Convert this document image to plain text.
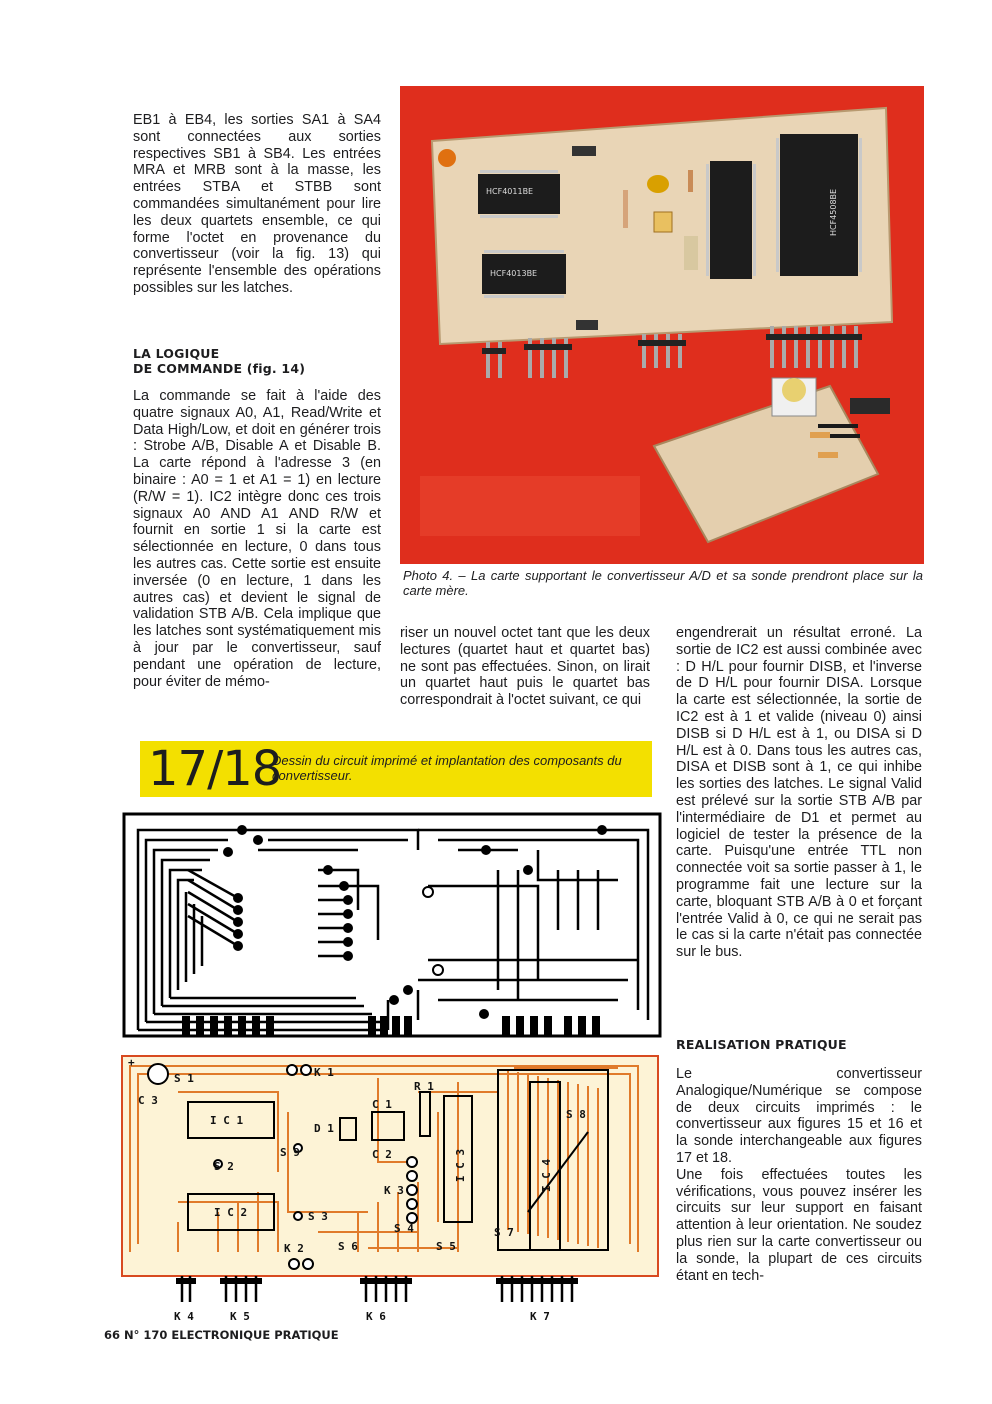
EB1 à EB4, les sorties SA1 à SA4 sont connectées aux sorties respectives SB1 à SB4. Les entrées MRA et MRB sont à la masse, les entrées STBA et STBB sont commandées simultanément pour lire les deux quartets ensemble, ce qui forme l'octet en provenance du convertisseur (voir la fig. 13) qui représente l'ensemble des opérations possibles sur les latches.

LA LOGIQUE
DE COMMANDE (fig. 14)

La commande se fait à l'aide des quatre signaux A0, A1, Read/Write et Data High/Low, et doit en générer trois : Strobe A/B, Disable A et Disable B. La carte répond à l'adresse 3 (en binaire : A0 = 1 et A1 = 1) en lecture (R/W = 1). IC2 intègre donc ces trois signaux A0 AND A1 AND R/W et fournit en sortie 1 si la carte est sélectionnée en lecture, 0 dans tous les autres cas. Cette sortie est ensuite inversée (0 en lecture, 1 dans les autres cas) et devient le signal de validation STB A/B. Cela implique que les latches sont systématiquement mis à jour par le convertisseur, sauf pendant une opération de lecture, pour éviter de mémo-

HCF4011BE
HCF4013BE
HCF4508BE
Photo 4. – La carte supportant le convertisseur A/D et sa sonde prendront place sur la carte mère.

riser un nouvel octet tant que les deux lectures (quartet haut et quartet bas) ne sont pas effectuées. Sinon, on lirait un quartet haut puis le quartet bas correspondrait à l'octet suivant, ce qui

17/18
Dessin du circuit imprimé et implantation des composants du convertisseur.

engendrerait un résultat erroné. La sortie de IC2 est aussi combinée avec : D H/L pour fournir DISB, et l'inverse de D H/L pour fournir DISA. Lorsque la carte est sélectionnée, la sortie de IC2 est à 1 et valide (niveau 0) ainsi DISB si D H/L est à 1, ou DISA si D H/L est à 0. Dans tous les autres cas, DISA et DISB sont à 1, ce qui inhibe les sorties des latches. Le signal Valid est prélevé sur la sortie STB A/B par l'intermédiaire de D1 et permet au logiciel de tester la présence de la carte. Puisqu'une entrée TTL non connectée voit sa sortie passer à 1, le programme fait une lecture sur la carte, bloquant STB A/B à 0 et forçant l'entrée Valid à 0, ce qui ne serait pas le cas si la carte n'était pas connectée sur le bus.

REALISATION PRATIQUE

Le convertisseur Analogique/Numérique se compose de deux circuits imprimés : le convertisseur aux figures 15 et 16 et la sonde interchangeable aux figures 17 et 18.

Une fois effectuées toutes les vérifications, vous pouvez insérer les circuits sur leur support en faisant attention à leur orientation. Ne soudez plus rien sur la carte convertisseur ou la sonde, la plupart de ces circuits étant en tech-

+
C 3
S 1	K 1
I C 1
R 1
C 1
D 1
C 2
S 9
S 2	I C 3	I C 4
S 8
K 3
I C 2	S 3
S 4	S 7
K 2	S 6	S 5
K 4	K 5	K 6	K 7
66 N° 170 ELECTRONIQUE PRATIQUE
